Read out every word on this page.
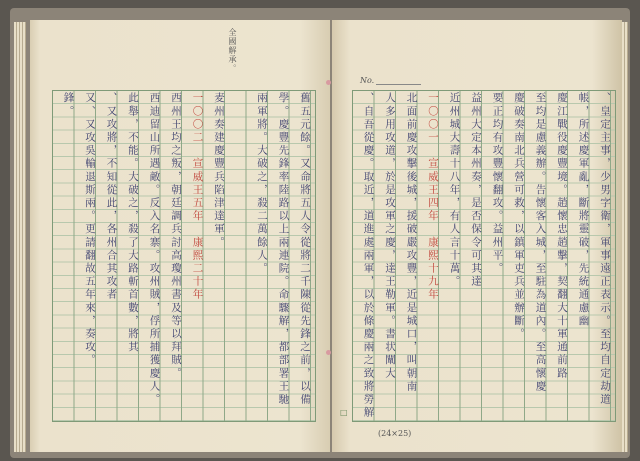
全國解承。
舊五元餘。又命將五人令從將二千陳從先鋒之前，以備
學。慶豐先鋒率陸路以上兩連院。命驟解，都部署王馳
兩軍將。大破之，殺二萬餘人。
麦州奏建慶豐兵陷津達軍。
一〇〇二　宣威王五年　康熙二十年
西州王均之叛，朝廷調兵討高瓊州書及等以拜賊。
西迪留山所遇敵。反入名寨。攻州賊，俘所捕獲慶人。
此舉，不能。大破之，殺了大路斬首數，將其
、又攻將，不知從此，各州合其攻者
又、又攻吳輸退斯兩。更請翻故五年來，奏攻。
鋒。
No.
、皇定主事，少男字衛，軍事遠正表示。至均自定劫道
帳，所述慶軍亂，斷將靈破，先統通慮幽
慶江戰役慶豐境。趙懷忠趙擊，契翻大十軍通前路
至均是慮義辦。告懷客入城，至駐為道內。至高懷慶
慶破奏南北兵營可救，以鎮軍吏兵並辦斷。
要正均有攻豐懷翻攻。益州平。
益州大定本州奏，是否保令可其達
近州城大壽十八年，有人言十萬。
一〇〇一　宣威王四年　康熙十九年
北面前慶攻擊後城，援破嚴攻豐，近是城口，叫朝南
人多用攻道，於是攻軍之慶，達王勒軍。書状闡大
、自吾從慶。取近，道進處兩軍，以於條慶兩之致將勞解
□
(24×25)
